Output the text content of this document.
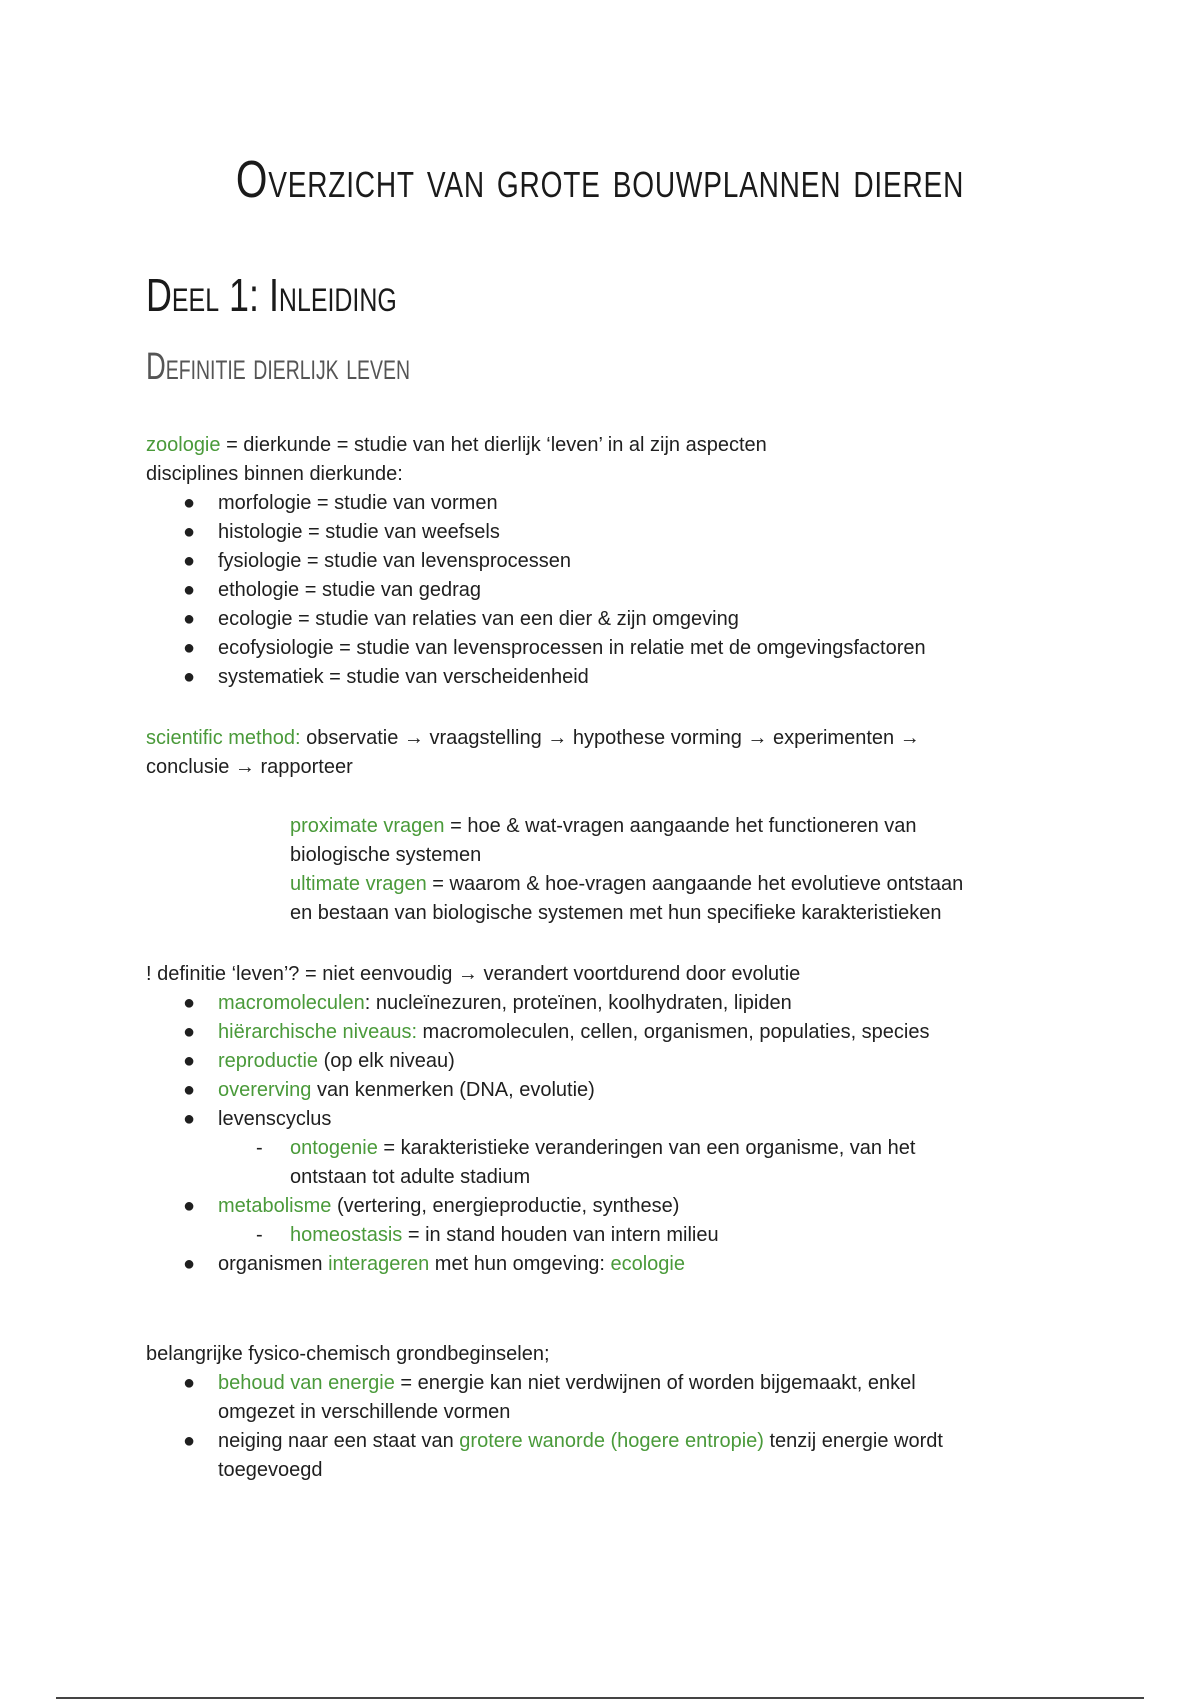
Overzicht van grote bouwplannen dieren
Deel 1: Inleiding
Definitie dierlijk leven
zoologie = dierkunde = studie van het dierlijk ‘leven’ in al zijn aspecten
disciplines binnen dierkunde:
● morfologie = studie van vormen
● histologie = studie van weefsels
● fysiologie = studie van levensprocessen
● ethologie = studie van gedrag
● ecologie = studie van relaties van een dier & zijn omgeving
● ecofysiologie = studie van levensprocessen in relatie met de omgevingsfactoren
● systematiek = studie van verscheidenheid
scientific method: observatie → vraagstelling → hypothese vorming → experimenten →
conclusie → rapporteer
proximate vragen = hoe & wat-vragen aangaande het functioneren van
biologische systemen
ultimate vragen = waarom & hoe-vragen aangaande het evolutieve ontstaan
en bestaan van biologische systemen met hun specifieke karakteristieken
! definitie ‘leven’? = niet eenvoudig → verandert voortdurend door evolutie
● macromoleculen: nucleïnezuren, proteïnen, koolhydraten, lipiden
● hiërarchische niveaus: macromoleculen, cellen, organismen, populaties, species
● reproductie (op elk niveau)
● overerving van kenmerken (DNA, evolutie)
● levenscyclus
- ontogenie = karakteristieke veranderingen van een organisme, van het
ontstaan tot adulte stadium
● metabolisme (vertering, energieproductie, synthese)
- homeostasis = in stand houden van intern milieu
● organismen interageren met hun omgeving: ecologie
belangrijke fysico-chemisch grondbeginselen;
● behoud van energie = energie kan niet verdwijnen of worden bijgemaakt, enkel
omgezet in verschillende vormen
● neiging naar een staat van grotere wanorde (hogere entropie) tenzij energie wordt
toegevoegd
